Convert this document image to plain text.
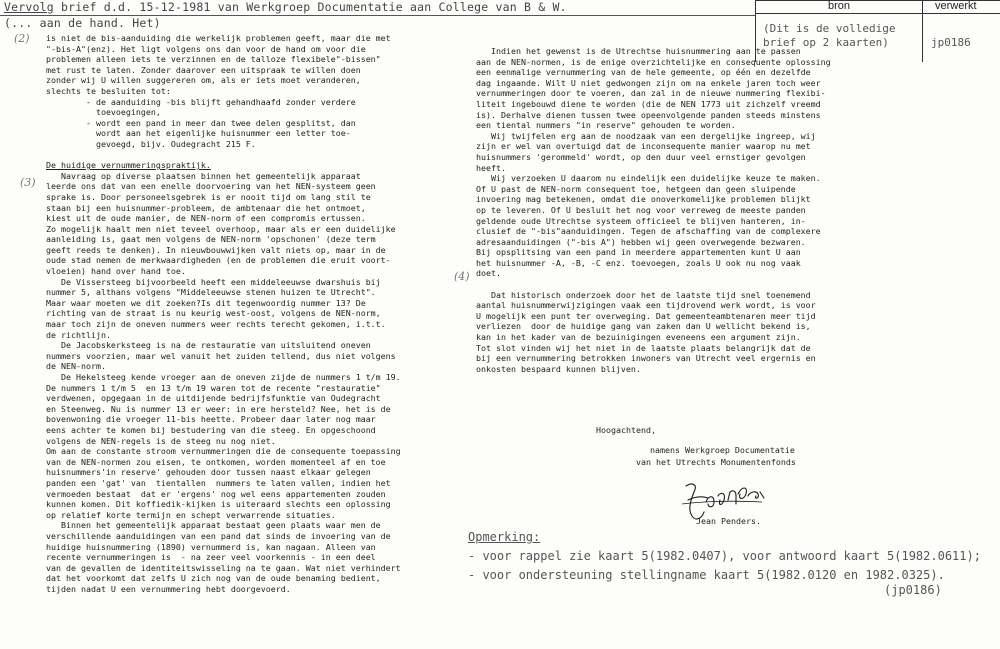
Vervolg brief d.d. 15-12-1981 van Werkgroep Documentatie aan College van B & W.
(... aan de hand. Het)
bron	verwerkt
(Dit is de volledige
brief op 2 kaarten)	jp0186
(2)
(3)
(4)

is niet de bis-aanduiding die werkelijk problemen geeft, maar die met

"-bis-A"(enz). Het ligt volgens ons dan voor de hand om voor die

problemen alleen iets te verzinnen en de talloze flexibele"-bissen"

met rust te laten. Zonder daarover een uitspraak te willen doen

zonder wij U willen suggereren om, als er iets moet veranderen,

slechts te besluiten tot:

- de aanduiding -bis blijft gehandhaafd zonder verdere

toevoegingen,

- wordt een pand in meer dan twee delen gesplitst, dan

wordt aan het eigenlijke huisnummer een letter toe-

gevoegd, bijv. Oudegracht 215 F.

De huidige vernummeringspraktijk.

Navraag op diverse plaatsen binnen het gemeentelijk apparaat

leerde ons dat van een enelle doorvoering van het NEN-systeem geen

sprake is. Door personeelsgebrek is er nooit tijd om lang stil te

staan bij een huisnummer-probleem, de ambtenaar die het ontmoet,

kiest uit de oude manier, de NEN-norm of een compromis ertussen.

Zo mogelijk haalt men niet teveel overhoop, maar als er een duidelijke

aanleiding is, gaat men volgens de NEN-norm 'opschonen' (deze term

geeft reeds te denken). In nieuwbouwwijken valt niets op, maar in de

oude stad nemen de merkwaardigheden (en de problemen die eruit voort-

vloeien) hand over hand toe.

De Vissersteeg bijvoorbeeld heeft een middeleeuwse dwarshuis bij

nummer 5, althans volgens "Middeleeuwse stenen huizen te Utrecht".

Maar waar moeten we dit zoeken?Is dit tegenwoordig nummer 13? De

richting van de straat is nu keurig west-oost, volgens de NEN-norm,

maar toch zijn de oneven nummers weer rechts terecht gekomen, i.t.t.

de richtlijn.

De Jacobskerksteeg is na de restauratie van uitsluitend oneven

nummers voorzien, maar wel vanuit het zuiden tellend, dus niet volgens

de NEN-norm.

De Hekelsteeg kende vroeger aan de oneven zijde de nummers 1 t/m 19.

De nummers 1 t/m 5  en 13 t/m 19 waren tot de recente "restauratie"

verdwenen, opgegaan in de uitdijende bedrijfsfunktie van Oudegracht

en Steenweg. Nu is nummer 13 er weer: in ere hersteld? Nee, het is de

bovenwoning die vroeger 11-bis heette. Probeer daar later nog maar

eens achter te komen bij bestudering van die steeg. En opgeschoond

volgens de NEN-regels is de steeg nu nog niet.

Om aan de constante stroom vernummeringen die de consequente toepassing

van de NEN-normen zou eisen, te ontkomen, worden momenteel af en toe

huisnummers'in reserve' gehouden door tussen naast elkaar gelegen

panden een 'gat' van  tientallen  nummers te laten vallen, indien het

vermoeden bestaat  dat er 'ergens' nog wel eens appartementen zouden

kunnen komen. Dit koffiedik-kijken is uiteraard slechts een oplossing

op relatief korte termijn en schept verwarrende situaties.

Binnen het gemeentelijk apparaat bestaat geen plaats waar men de

verschillende aanduidingen van een pand dat sinds de invoering van de

huidige huisnummering (1890) vernummerd is, kan nagaan. Alleen van

recente vernummeringen is  - na zeer veel voorkennis - in een deel

van de gevallen de identiteitswisseling na te gaan. Wat niet verhindert

dat het voorkomt dat zelfs U zich nog van de oude benaming bedient,

tijden nadat U een vernummering hebt doorgevoerd.

Indien het gewenst is de Utrechtse huisnummering aan te passen

aan de NEN-normen, is de enige overzichtelijke en consequente oplossing

een eenmalige vernummering van de hele gemeente, op één en dezelfde

dag ingaande. Wilt U niet gedwongen zijn om na enkele jaren toch weer

vernummeringen door te voeren, dan zal in de nieuwe nummering flexibi-

liteit ingebouwd diene te worden (die de NEN 1773 uit zichzelf vreemd

is). Derhalve dienen tussen twee opeenvolgende panden steeds minstens

een tiental nummers "in reserve" gehouden te worden.

Wij twijfelen erg aan de noodzaak van een dergelijke ingreep, wij

zijn er wel van overtuigd dat de inconsequente manier waarop nu met

huisnummers 'gerommeld' wordt, op den duur veel ernstiger gevolgen

heeft.

Wij verzoeken U daarom nu eindelijk een duidelijke keuze te maken.

Of U past de NEN-norm consequent toe, hetgeen dan geen sluipende

invoering mag betekenen, omdat die onoverkomelijke problemen blijkt

op te leveren. Of U besluit het nog voor verreweg de meeste panden

geldende oude Utrechtse systeem officieel te blijven hanteren, in-

clusief de "-bis"aanduidingen. Tegen de afschaffing van de complexere

adresaanduidingen ("-bis A") hebben wij geen overwegende bezwaren.

Bij opsplitsing van een pand in meerdere appartementen kunt U aan

het huisnummer -A, -B, -C enz. toevoegen, zoals U ook nu nog vaak

doet.

Dat historisch onderzoek door het de laatste tijd snel toenemend

aantal huisnummerwijzigingen vaak een tijdrovend werk wordt, is voor

U mogelijk een punt ter overweging. Dat gemeenteambtenaren meer tijd

verliezen  door de huidige gang van zaken dan U wellicht bekend is,

kan in het kader van de bezuinigingen eveneens een argument zijn.

Tot slot vinden wij het niet in de laatste plaats belangrijk dat de

bij een vernummering betrokken inwoners van Utrecht veel ergernis en

onkosten bespaard kunnen blijven.

Hoogachtend,
namens Werkgroep Documentatie
van het Utrechts Monumentenfonds
Jean Penders.
Opmerking:
- voor rappel zie kaart 5(1982.0407), voor antwoord kaart 5(1982.0611);
- voor ondersteuning stellingname kaart 5(1982.0120 en 1982.0325).
(jp0186)
